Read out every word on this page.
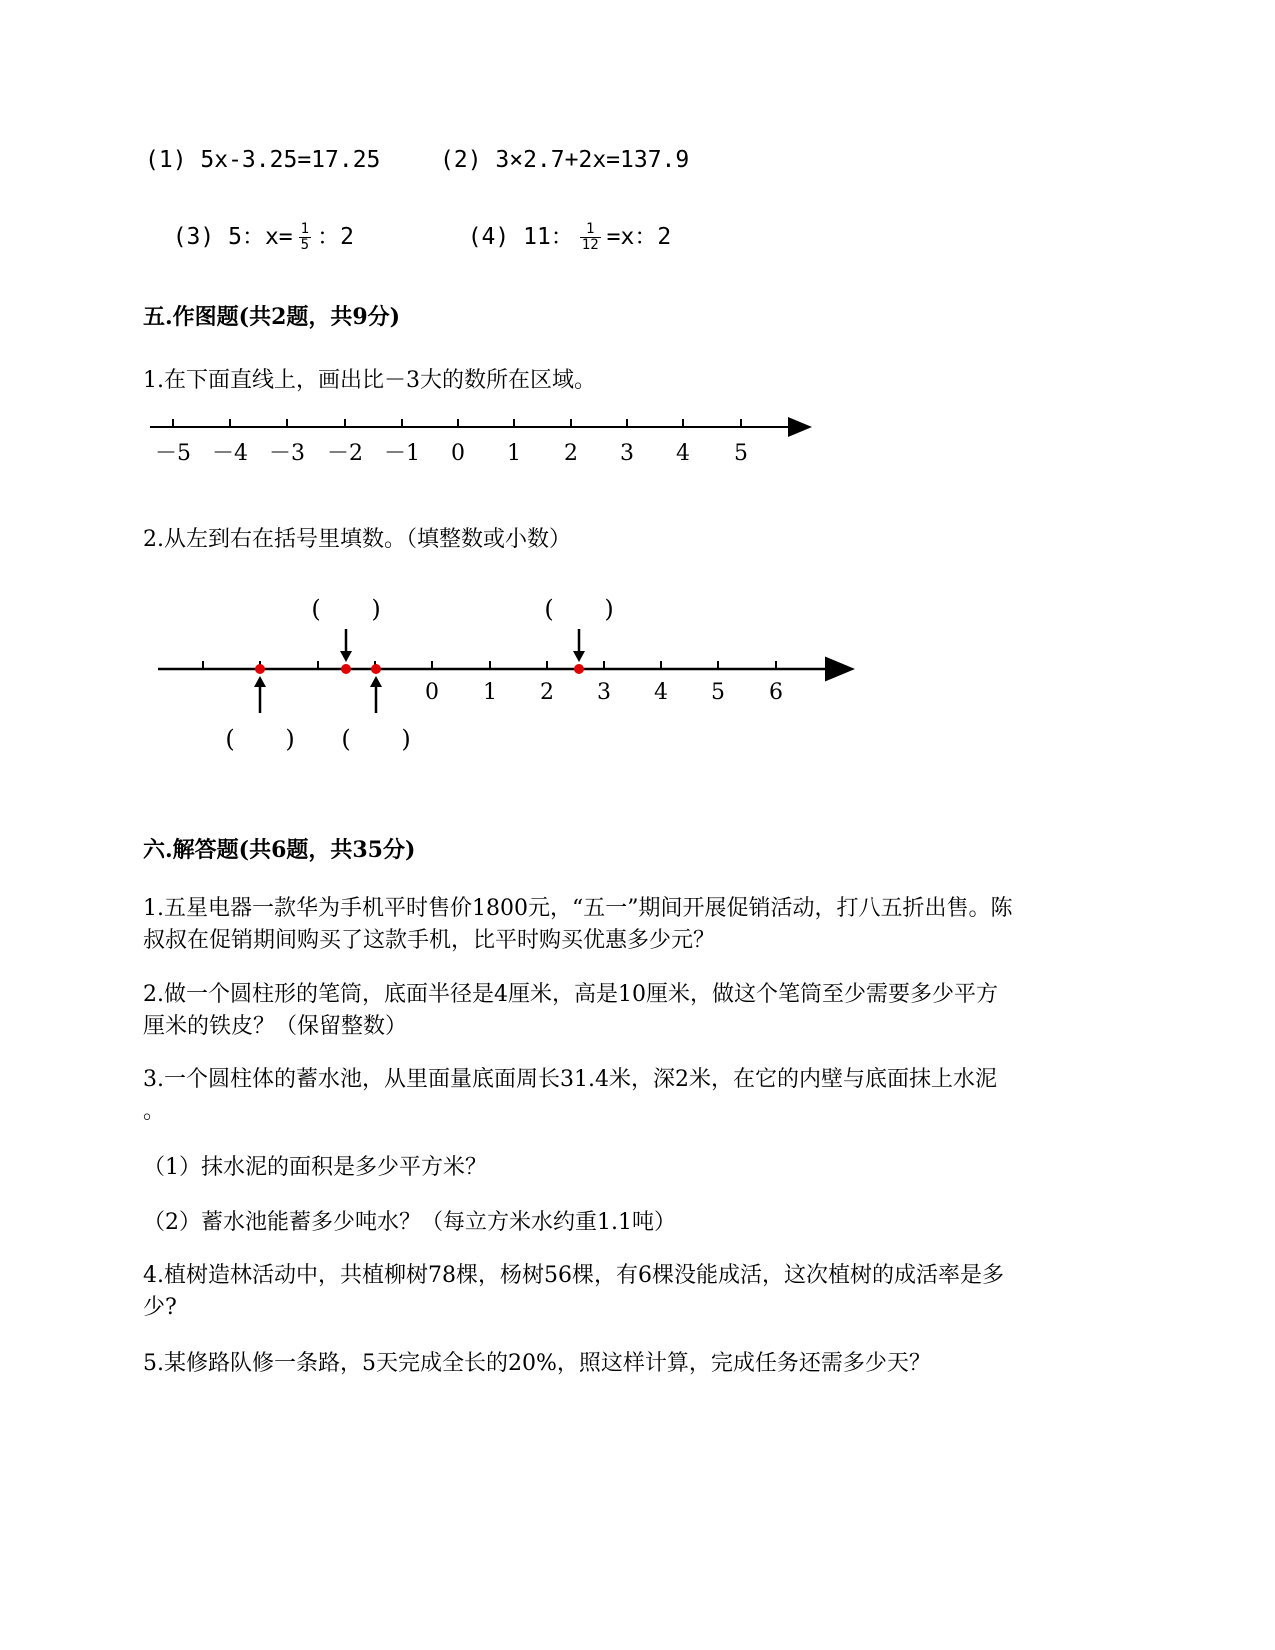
(1) 5x-3.25=17.25	(2) 3×2.7+2x=137.9

(3) 5：$x= \frac{1}{5}$ ：2	(4) 11： $\frac{1}{12} =x$：2

五.作图题(共2题，共9分)
1.在下面直线上，画出比－3大的数所在区域。
－5 －4 －3 －2 －1 0 1 2 3 4 5
2.从左到右在括号里填数。（填整数或小数）
0 1 2 3 4 5 6
( )
( )
( )
( )
六.解答题(共6题，共35分)
1.五星电器一款华为手机平时售价1800元，“五一”期间开展促销活动，打八五折出售。陈
叔叔在促销期间购买了这款手机，比平时购买优惠多少元？
2.做一个圆柱形的笔筒，底面半径是4厘米，高是10厘米，做这个笔筒至少需要多少平方
厘米的铁皮？（保留整数）
3.一个圆柱体的蓄水池，从里面量底面周长31.4米，深2米，在它的内壁与底面抹上水泥
。
（1）抹水泥的面积是多少平方米？
（2）蓄水池能蓄多少吨水？（每立方米水约重1.1吨）
4.植树造林活动中，共植柳树78棵，杨树56棵，有6棵没能成活，这次植树的成活率是多
少?
5.某修路队修一条路，5天完成全长的20%，照这样计算，完成任务还需多少天？
